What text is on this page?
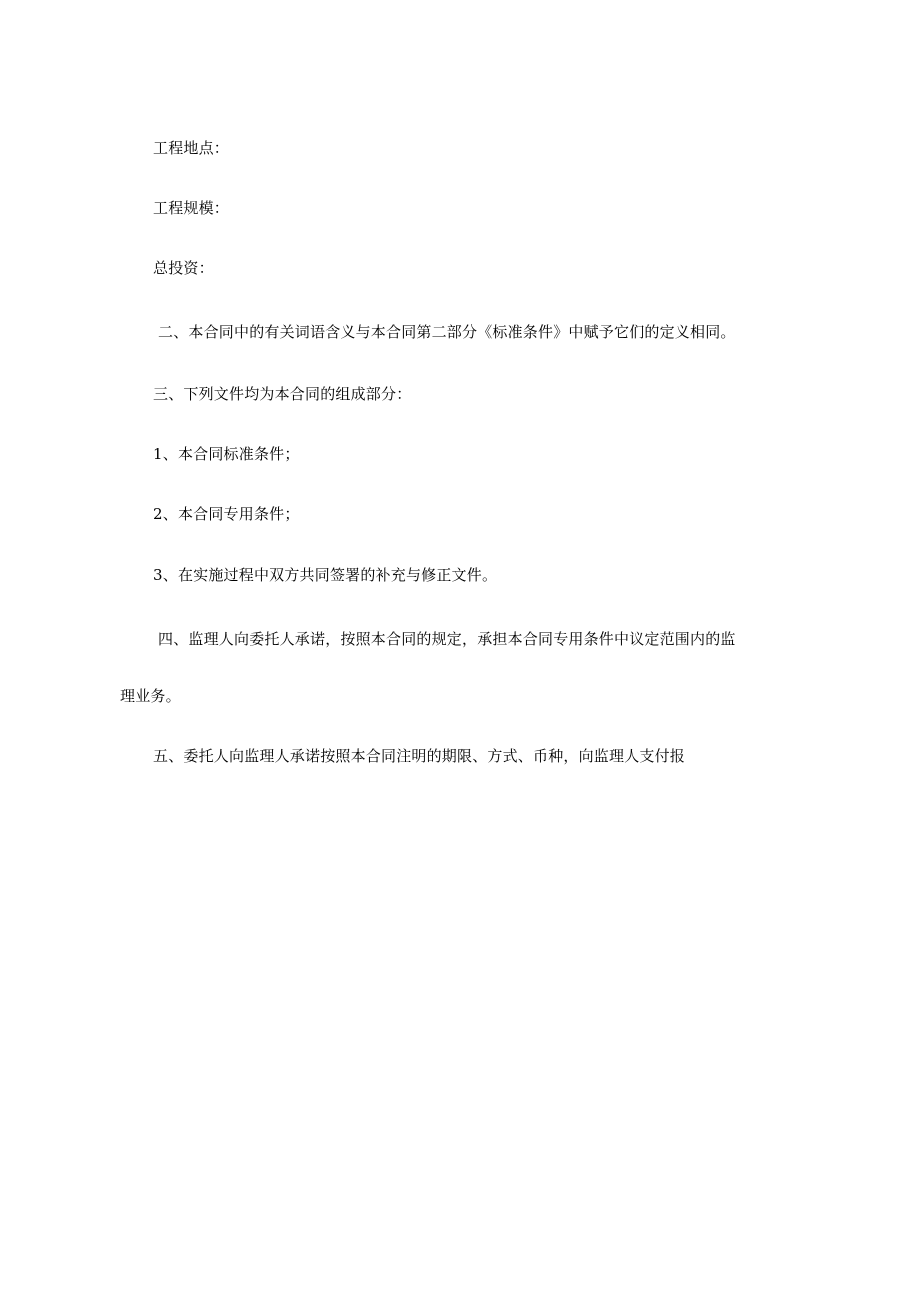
工程地点：

工程规模：

总投资：

二、本合同中的有关词语含义与本合同第二部分《标准条件》中赋予它们的定义相同。

三、下列文件均为本合同的组成部分：

1、本合同标准条件；

2、本合同专用条件；

3、在实施过程中双方共同签署的补充与修正文件。

四、监理人向委托人承诺，按照本合同的规定，承担本合同专用条件中议定范围内的监

理业务。

五、委托人向监理人承诺按照本合同注明的期限、方式、币种，向监理人支付报
